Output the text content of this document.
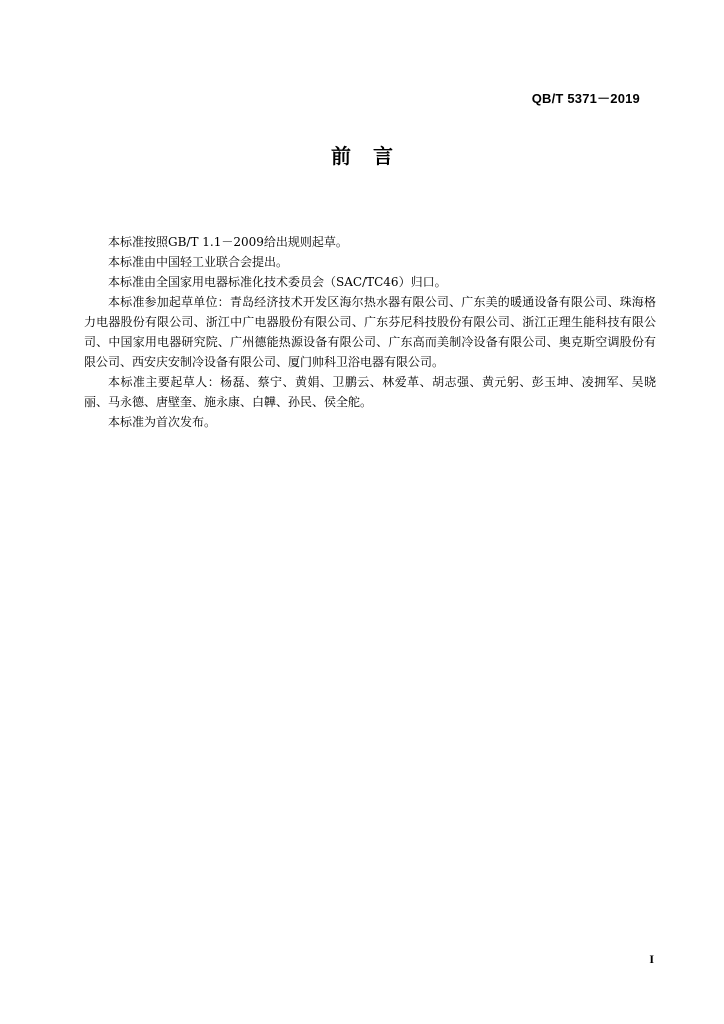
QB/T 5371－2019
前言

本标准按照GB/T 1.1－2009给出规则起草。

本标准由中国轻工业联合会提出。

本标准由全国家用电器标准化技术委员会（SAC/TC46）归口。

本标准参加起草单位：青岛经济技术开发区海尔热水器有限公司、广东美的暖通设备有限公司、珠海格力电器股份有限公司、浙江中广电器股份有限公司、广东芬尼科技股份有限公司、浙江正理生能科技有限公司、中国家用电器研究院、广州德能热源设备有限公司、广东高而美制冷设备有限公司、奥克斯空调股份有限公司、西安庆安制冷设备有限公司、厦门帅科卫浴电器有限公司。

本标准主要起草人：杨磊、蔡宁、黄娟、卫鹏云、林爱革、胡志强、黄元躬、彭玉坤、凌拥军、吴晓丽、马永德、唐壁奎、施永康、白韡、孙民、侯全舵。

本标准为首次发布。

I
